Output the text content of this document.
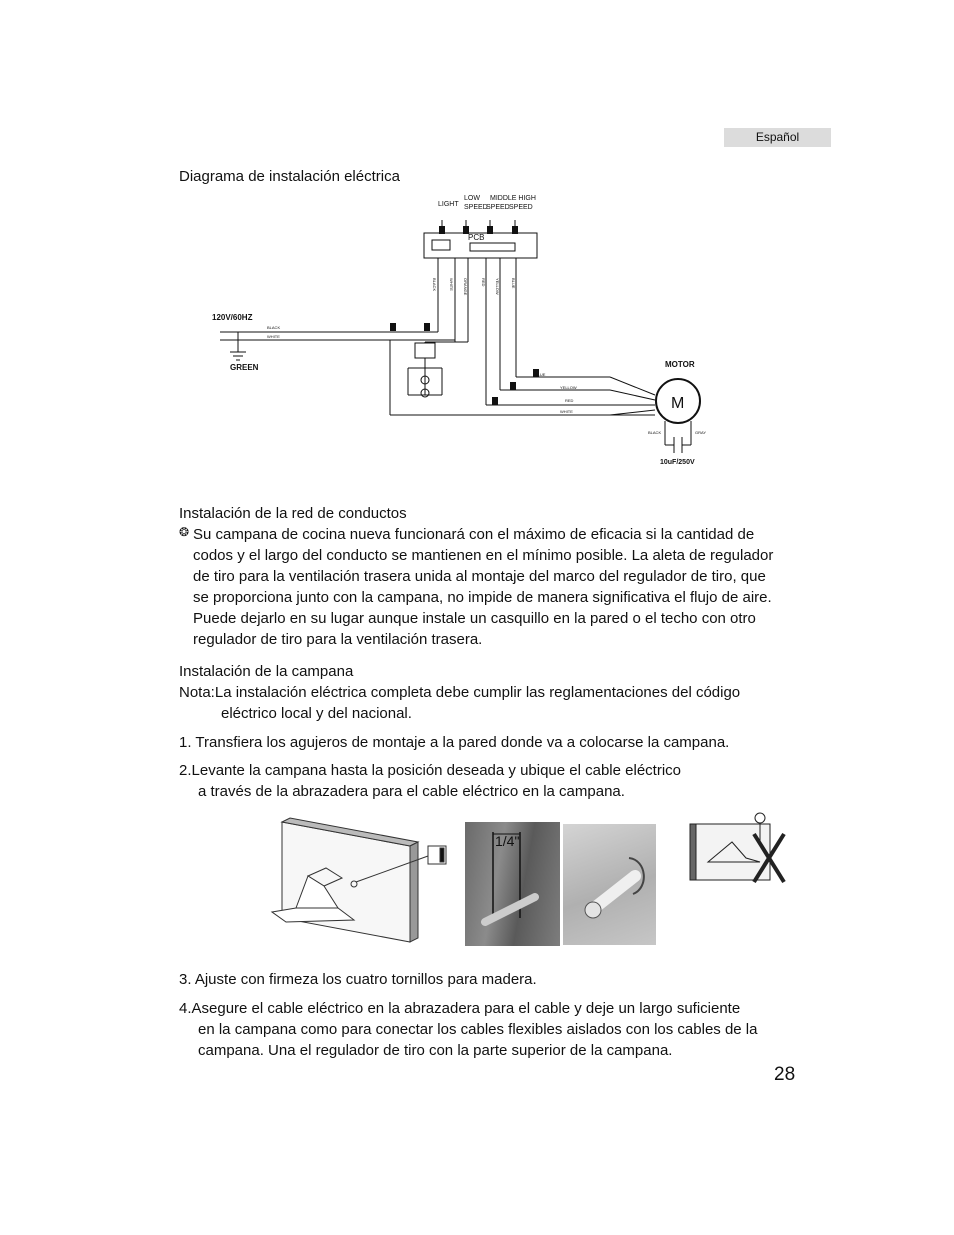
Español
Diagrama de instalación eléctrica
LIGHT
LOW
SPEED
MIDDLE HIGH
SPEED SPEED
PCB
120V/60HZ
GREEN	MOTOR
M
10uF/250V
BLACK
WHITE
BLUE
YELLOW
RED
WHITE
BLACK	GRAY
BLACK	WHITE ORANGE	RED YELLOW	BLUE
Instalación de la red de conductos
❂ Su campana de cocina nueva funcionará con el máximo de eficacia si la cantidad de
codos y el largo del conducto se mantienen en el mínimo posible. La aleta de regulador
de tiro para la ventilación trasera unida al montaje del marco del regulador de tiro, que
se proporciona junto con la campana, no impide de manera significativa el flujo de aire.
Puede dejarlo en su lugar aunque instale un casquillo en la pared o el techo con otro
regulador de tiro para la ventilación trasera.
Instalación de la campana
Nota:La instalación eléctrica completa debe cumplir las reglamentaciones del código
eléctrico local y del nacional.
1. Transfiera los agujeros de montaje a la pared donde va a colocarse la campana.
2.Levante la campana hasta la posición deseada y ubique el cable eléctrico
a través de la abrazadera para el cable eléctrico en la campana.
1/4"
3. Ajuste con firmeza los cuatro tornillos para madera.
4.Asegure el cable eléctrico en la abrazadera para el cable y deje un largo suficiente
en la campana como para conectar los cables flexibles aislados con los cables de la
campana. Una el regulador de tiro con la parte superior de la campana.
28
